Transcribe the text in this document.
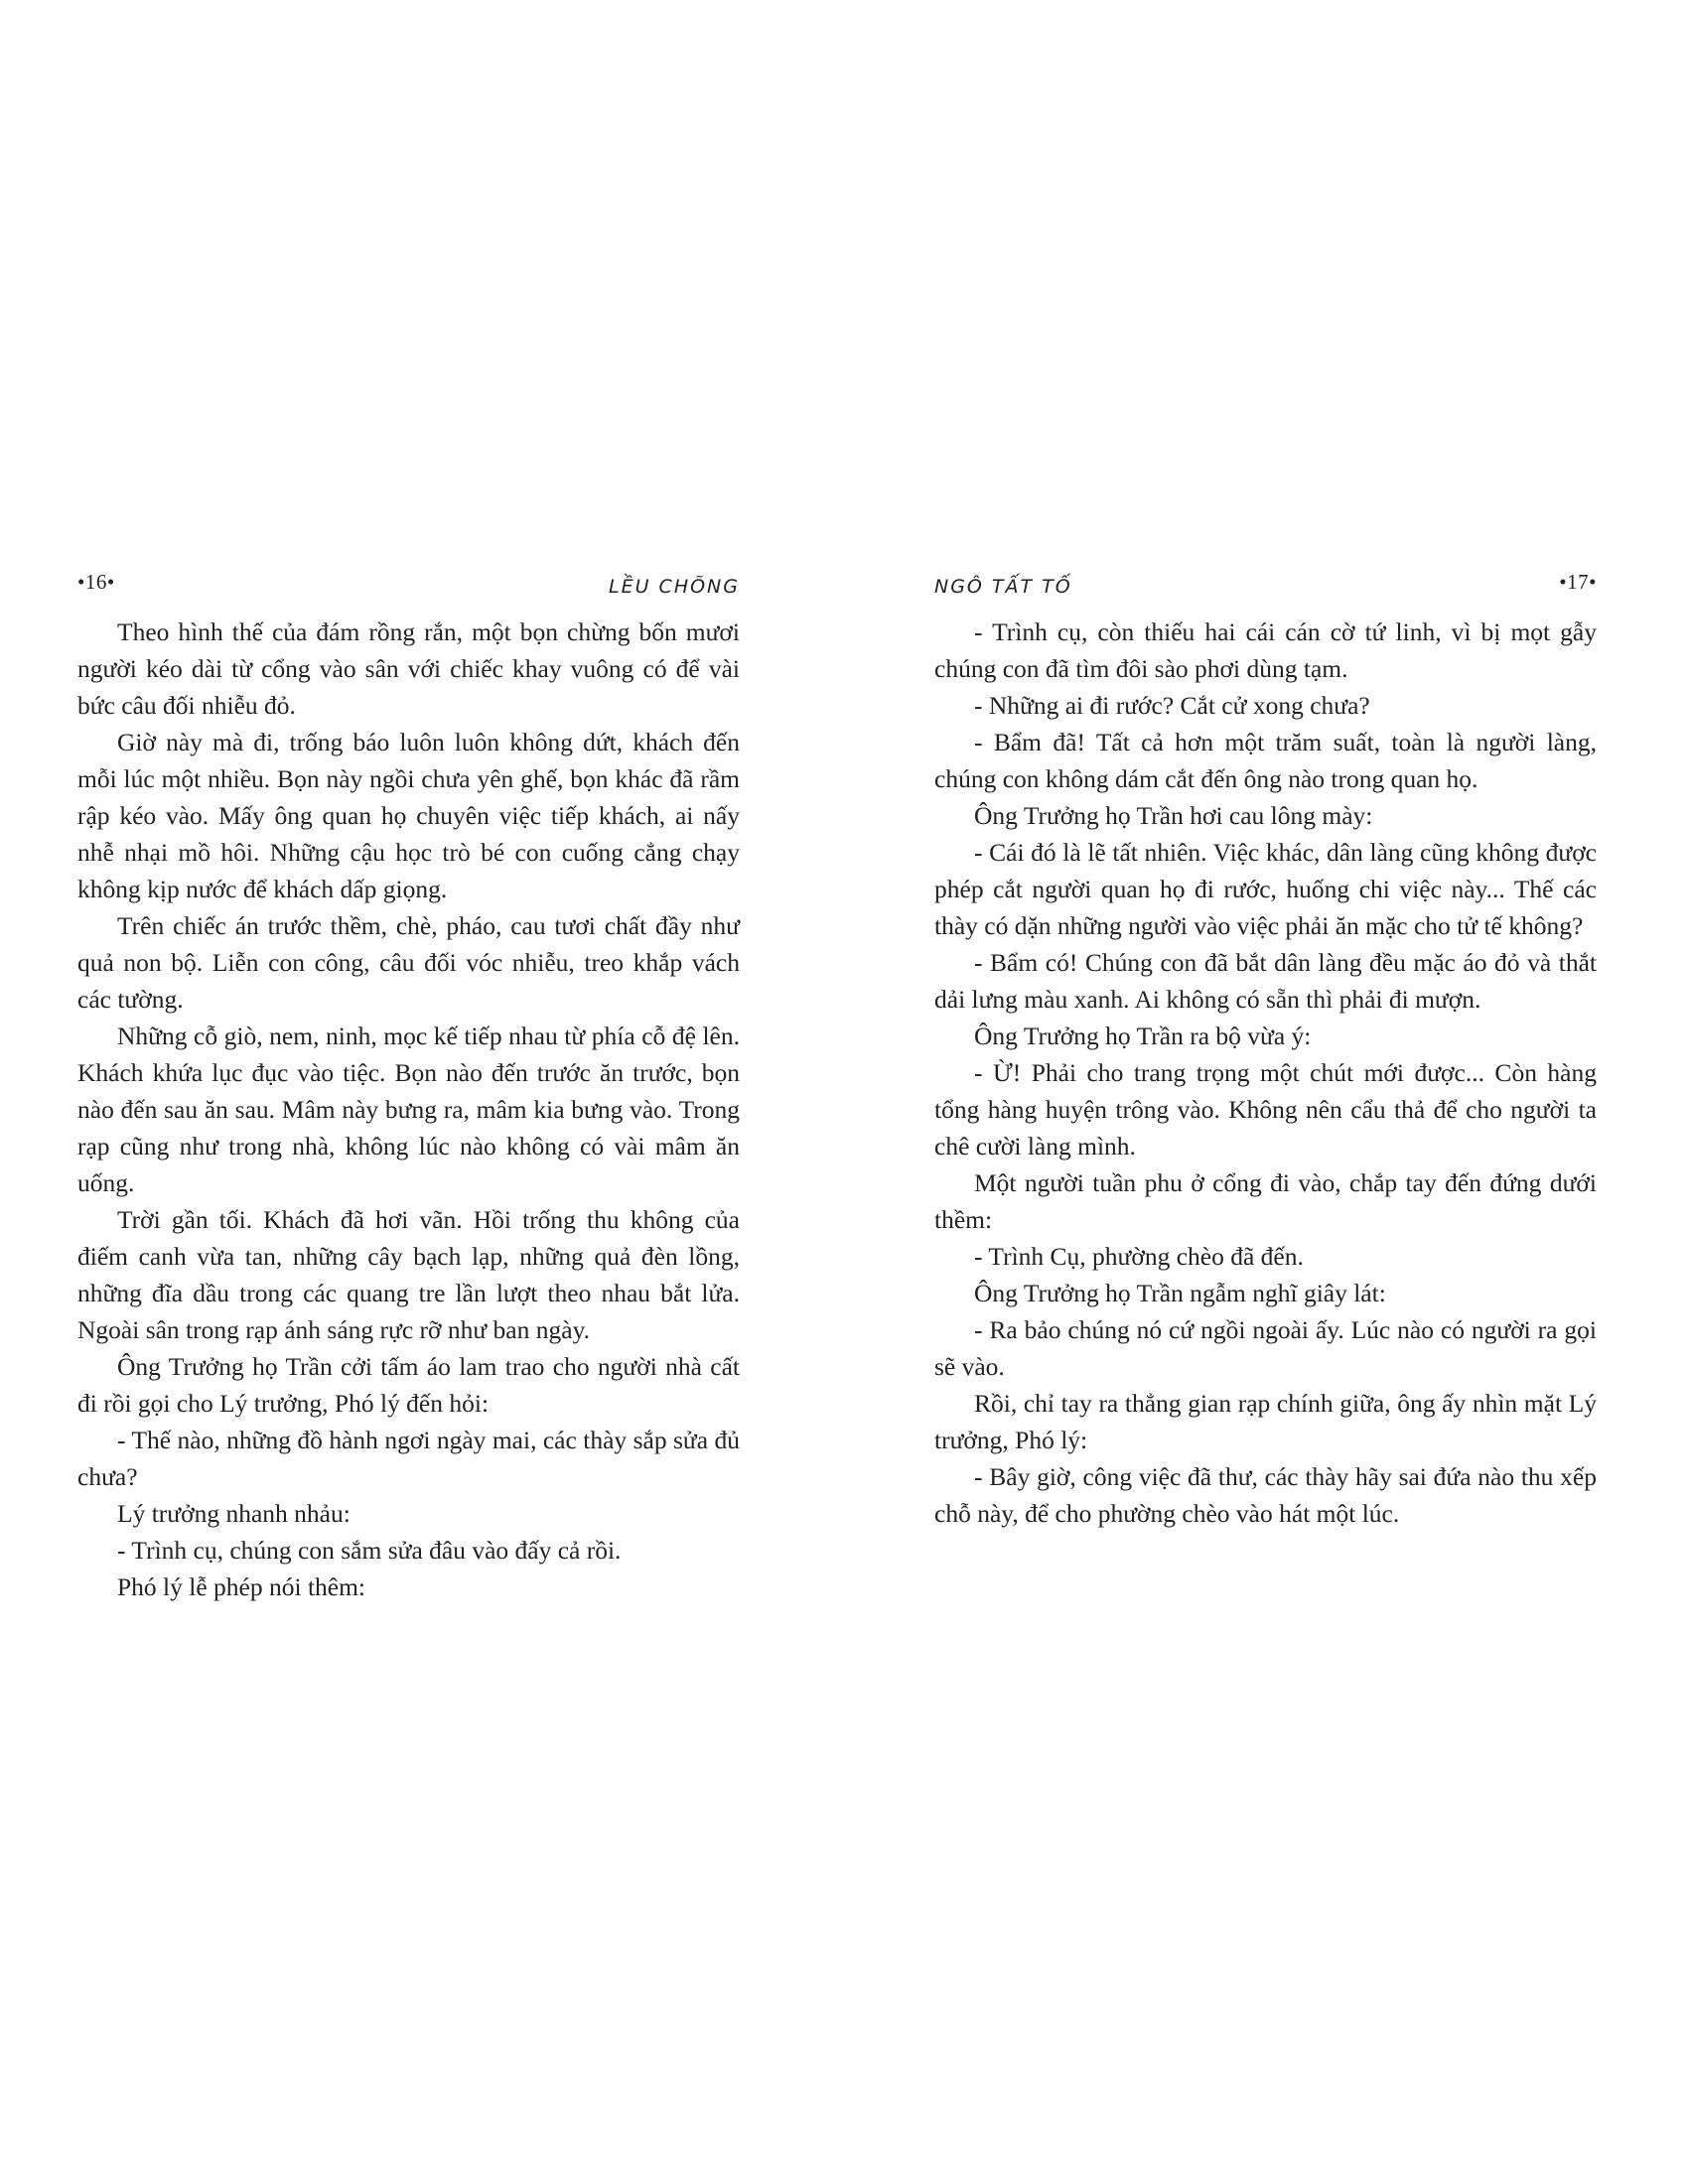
•16•	LỀU CHÕNG

Theo hình thế của đám rồng rắn, một bọn chừng bốn mươi người kéo dài từ cổng vào sân với chiếc khay vuông có để vài bức câu đối nhiễu đỏ.

Giờ này mà đi, trống báo luôn luôn không dứt, khách đến mỗi lúc một nhiều. Bọn này ngồi chưa yên ghế, bọn khác đã rầm rập kéo vào. Mấy ông quan họ chuyên việc tiếp khách, ai nấy nhễ nhại mồ hôi. Những cậu học trò bé con cuống cẳng chạy không kịp nước để khách dấp giọng.

Trên chiếc án trước thềm, chè, pháo, cau tươi chất đầy như quả non bộ. Liễn con công, câu đối vóc nhiễu, treo khắp vách các tường.

Những cỗ giò, nem, ninh, mọc kế tiếp nhau từ phía cỗ đệ lên. Khách khứa lục đục vào tiệc. Bọn nào đến trước ăn trước, bọn nào đến sau ăn sau. Mâm này bưng ra, mâm kia bưng vào. Trong rạp cũng như trong nhà, không lúc nào không có vài mâm ăn uống.

Trời gần tối. Khách đã hơi vãn. Hồi trống thu không của điếm canh vừa tan, những cây bạch lạp, những quả đèn lồng, những đĩa dầu trong các quang tre lần lượt theo nhau bắt lửa. Ngoài sân trong rạp ánh sáng rực rỡ như ban ngày.

Ông Trưởng họ Trần cởi tấm áo lam trao cho người nhà cất đi rồi gọi cho Lý trưởng, Phó lý đến hỏi:

- Thế nào, những đồ hành ngơi ngày mai, các thày sắp sửa đủ chưa?

Lý trưởng nhanh nhảu:

- Trình cụ, chúng con sắm sửa đâu vào đấy cả rồi.

Phó lý lễ phép nói thêm:

NGÔ TẤT TỐ	•17•

- Trình cụ, còn thiếu hai cái cán cờ tứ linh, vì bị mọt gẫy chúng con đã tìm đôi sào phơi dùng tạm.

- Những ai đi rước? Cắt cử xong chưa?

- Bẩm đã! Tất cả hơn một trăm suất, toàn là người làng, chúng con không dám cắt đến ông nào trong quan họ.

Ông Trưởng họ Trần hơi cau lông mày:

- Cái đó là lẽ tất nhiên. Việc khác, dân làng cũng không được phép cắt người quan họ đi rước, huống chi việc này... Thế các thày có dặn những người vào việc phải ăn mặc cho tử tế không?

- Bẩm có! Chúng con đã bắt dân làng đều mặc áo đỏ và thắt dải lưng màu xanh. Ai không có sẵn thì phải đi mượn.

Ông Trưởng họ Trần ra bộ vừa ý:

- Ừ! Phải cho trang trọng một chút mới được... Còn hàng tổng hàng huyện trông vào. Không nên cẩu thả để cho người ta chê cười làng mình.

Một người tuần phu ở cổng đi vào, chắp tay đến đứng dưới thềm:

- Trình Cụ, phường chèo đã đến.

Ông Trưởng họ Trần ngẫm nghĩ giây lát:

- Ra bảo chúng nó cứ ngồi ngoài ấy. Lúc nào có người ra gọi sẽ vào.

Rồi, chỉ tay ra thẳng gian rạp chính giữa, ông ấy nhìn mặt Lý trưởng, Phó lý:

- Bây giờ, công việc đã thư, các thày hãy sai đứa nào thu xếp chỗ này, để cho phường chèo vào hát một lúc.
